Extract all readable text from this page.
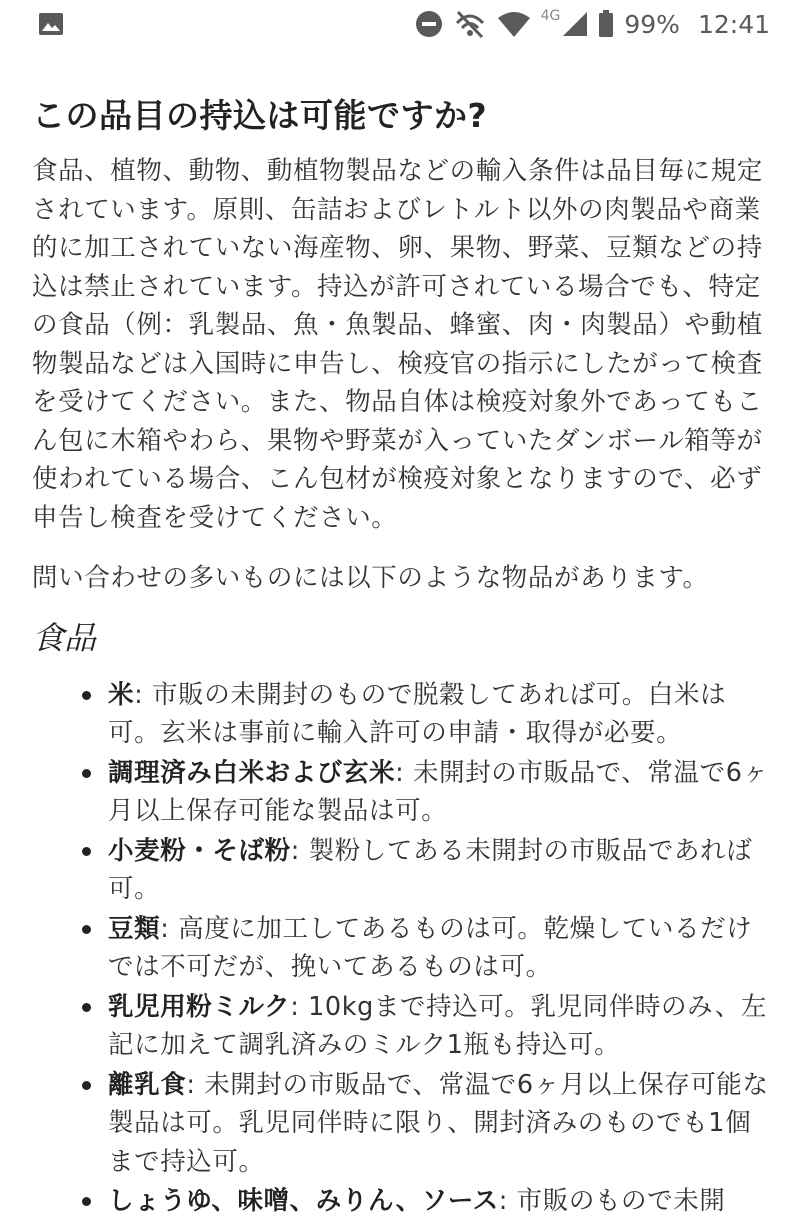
4G	99% 12:41
この品目の持込は可能ですか?

食品、植物、動物、動植物製品などの輸入条件は品目毎に規定されています。原則、缶詰およびレトルト以外の肉製品や商業的に加工されていない海産物、卵、果物、野菜、豆類などの持込は禁止されています。持込が許可されている場合でも、特定の食品（例：乳製品、魚・魚製品、蜂蜜、肉・肉製品）や動植物製品などは入国時に申告し、検疫官の指示にしたがって検査を受けてください。また、物品自体は検疫対象外であってもこん包に木箱やわら、果物や野菜が入っていたダンボール箱等が使われている場合、こん包材が検疫対象となりますので、必ず申告し検査を受けてください。

問い合わせの多いものには以下のような物品があります。

食品
米: 市販の未開封のもので脱穀してあれば可。白米は可。玄米は事前に輸入許可の申請・取得が必要。
調理済み白米および玄米: 未開封の市販品で、常温で6ヶ月以上保存可能な製品は可。
小麦粉・そば粉: 製粉してある未開封の市販品であれば可。
豆類: 高度に加工してあるものは可。乾燥しているだけでは不可だが、挽いてあるものは可。
乳児用粉ミルク: 10kgまで持込可。乳児同伴時のみ、左記に加えて調乳済みのミルク1瓶も持込可。
離乳食: 未開封の市販品で、常温で6ヶ月以上保存可能な製品は可。乳児同伴時に限り、開封済みのものでも1個まで持込可。
しょうゆ、味噌、みりん、ソース: 市販のもので未開
